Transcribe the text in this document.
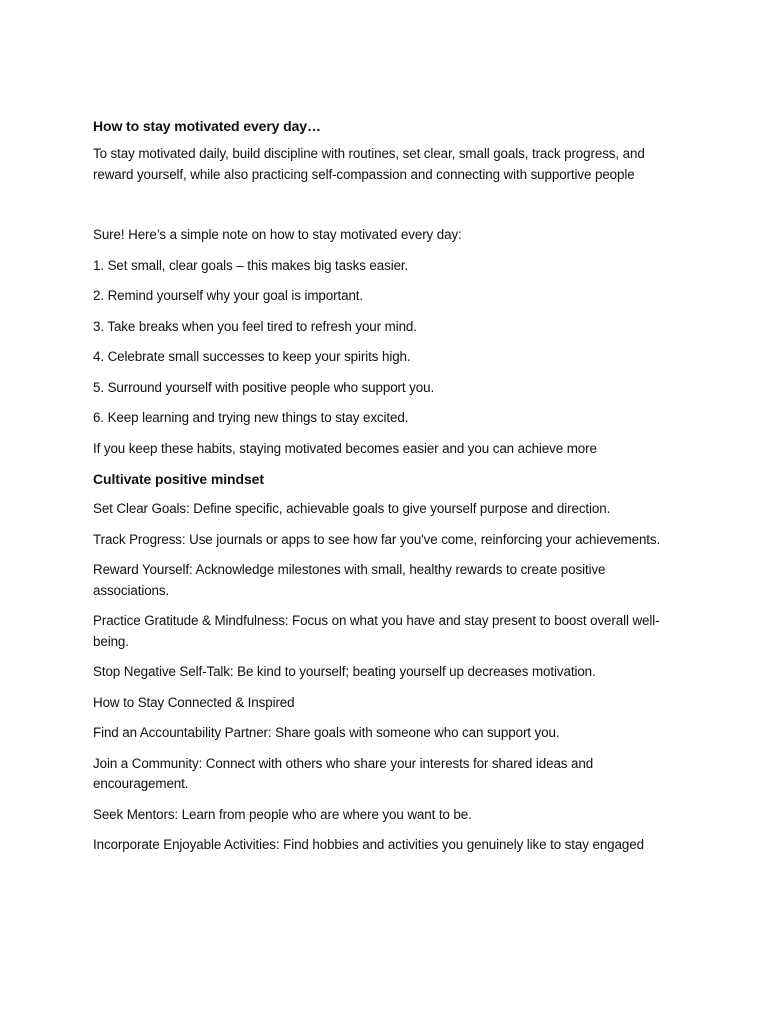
How to stay motivated every day…

To stay motivated daily, build discipline with routines, set clear, small goals, track progress, and reward yourself, while also practicing self-compassion and connecting with supportive people

Sure! Here’s a simple note on how to stay motivated every day:

1. Set small, clear goals – this makes big tasks easier.

2. Remind yourself why your goal is important.

3. Take breaks when you feel tired to refresh your mind.

4. Celebrate small successes to keep your spirits high.

5. Surround yourself with positive people who support you.

6. Keep learning and trying new things to stay excited.

If you keep these habits, staying motivated becomes easier and you can achieve more

Cultivate positive mindset

Set Clear Goals: Define specific, achievable goals to give yourself purpose and direction.

Track Progress: Use journals or apps to see how far you've come, reinforcing your achievements.

Reward Yourself: Acknowledge milestones with small, healthy rewards to create positive associations.

Practice Gratitude & Mindfulness: Focus on what you have and stay present to boost overall well-being.

Stop Negative Self-Talk: Be kind to yourself; beating yourself up decreases motivation.

How to Stay Connected & Inspired

Find an Accountability Partner: Share goals with someone who can support you.

Join a Community: Connect with others who share your interests for shared ideas and encouragement.

Seek Mentors: Learn from people who are where you want to be.

Incorporate Enjoyable Activities: Find hobbies and activities you genuinely like to stay engaged
